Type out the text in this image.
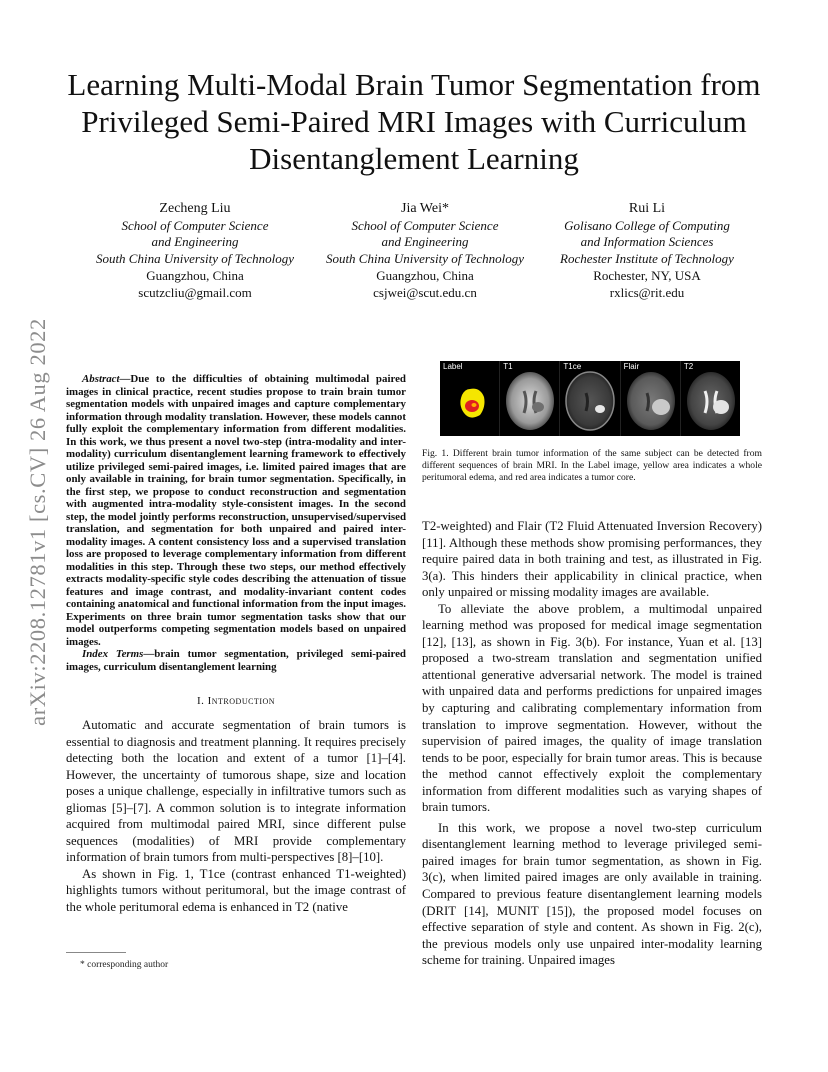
arXiv:2208.12781v1 [cs.CV] 26 Aug 2022
Learning Multi-Modal Brain Tumor Segmentation from Privileged Semi-Paired MRI Images with Curriculum Disentanglement Learning
Zecheng Liu
School of Computer Science
and Engineering
South China University of Technology
Guangzhou, China
scutzcliu@gmail.com
Jia Wei*
School of Computer Science
and Engineering
South China University of Technology
Guangzhou, China
csjwei@scut.edu.cn
Rui Li
Golisano College of Computing
and Information Sciences
Rochester Institute of Technology
Rochester, NY, USA
rxlics@rit.edu

Abstract—Due to the difficulties of obtaining multimodal paired images in clinical practice, recent studies propose to train brain tumor segmentation models with unpaired images and capture complementary information through modality translation. However, these models cannot fully exploit the complementary information from different modalities. In this work, we thus present a novel two-step (intra-modality and inter-modality) curriculum disentanglement learning framework to effectively utilize privileged semi-paired images, i.e. limited paired images that are only available in training, for brain tumor segmentation. Specifically, in the first step, we propose to conduct reconstruction and segmentation with augmented intra-modality style-consistent images. In the second step, the model jointly performs reconstruction, unsupervised/supervised translation, and segmentation for both unpaired and paired inter-modality images. A content consistency loss and a supervised translation loss are proposed to leverage complementary information from different modalities in this step. Through these two steps, our method effectively extracts modality-specific style codes describing the attenuation of tissue features and image contrast, and modality-invariant content codes containing anatomical and functional information from the input images. Experiments on three brain tumor segmentation tasks show that our model outperforms competing segmentation models based on unpaired images.

Index Terms—brain tumor segmentation, privileged semi-paired images, curriculum disentanglement learning

I. Introduction

Automatic and accurate segmentation of brain tumors is essential to diagnosis and treatment planning. It requires precisely detecting both the location and extent of a tumor [1]–[4]. However, the uncertainty of tumorous shape, size and location poses a unique challenge, especially in infiltrative tumors such as gliomas [5]–[7]. A common solution is to integrate information acquired from multimodal paired MRI, since different pulse sequences (modalities) of MRI provide complementary information of brain tumors from multi-perspectives [8]–[10].

As shown in Fig. 1, T1ce (contrast enhanced T1-weighted) highlights tumors without peritumoral, but the image contrast of the whole peritumoral edema is enhanced in T2 (native

* corresponding author
Label	T1	T1ce	Flair	T2
Fig. 1. Different brain tumor information of the same subject can be detected from different sequences of brain MRI. In the Label image, yellow area indicates a whole peritumoral edema, and red area indicates a tumor core.

T2-weighted) and Flair (T2 Fluid Attenuated Inversion Recovery) [11]. Although these methods show promising performances, they require paired data in both training and test, as illustrated in Fig. 3(a). This hinders their applicability in clinical practice, when only unpaired or missing modality images are available.

To alleviate the above problem, a multimodal unpaired learning method was proposed for medical image segmentation [12], [13], as shown in Fig. 3(b). For instance, Yuan et al. [13] proposed a two-stream translation and segmentation unified attentional generative adversarial network. The model is trained with unpaired data and performs predictions for unpaired images by capturing and calibrating complementary information from translation to improve segmentation. However, without the supervision of paired images, the quality of image translation tends to be poor, especially for brain tumor areas. This is because the method cannot effectively exploit the complementary information from different modalities such as varying shapes of brain tumors.

In this work, we propose a novel two-step curriculum disentanglement learning method to leverage privileged semi-paired images for brain tumor segmentation, as shown in Fig. 3(c), when limited paired images are only available in training. Compared to previous feature disentanglement learning models (DRIT [14], MUNIT [15]), the proposed model focuses on effective separation of style and content. As shown in Fig. 2(c), the previous models only use unpaired inter-modality learning scheme for training. Unpaired images
